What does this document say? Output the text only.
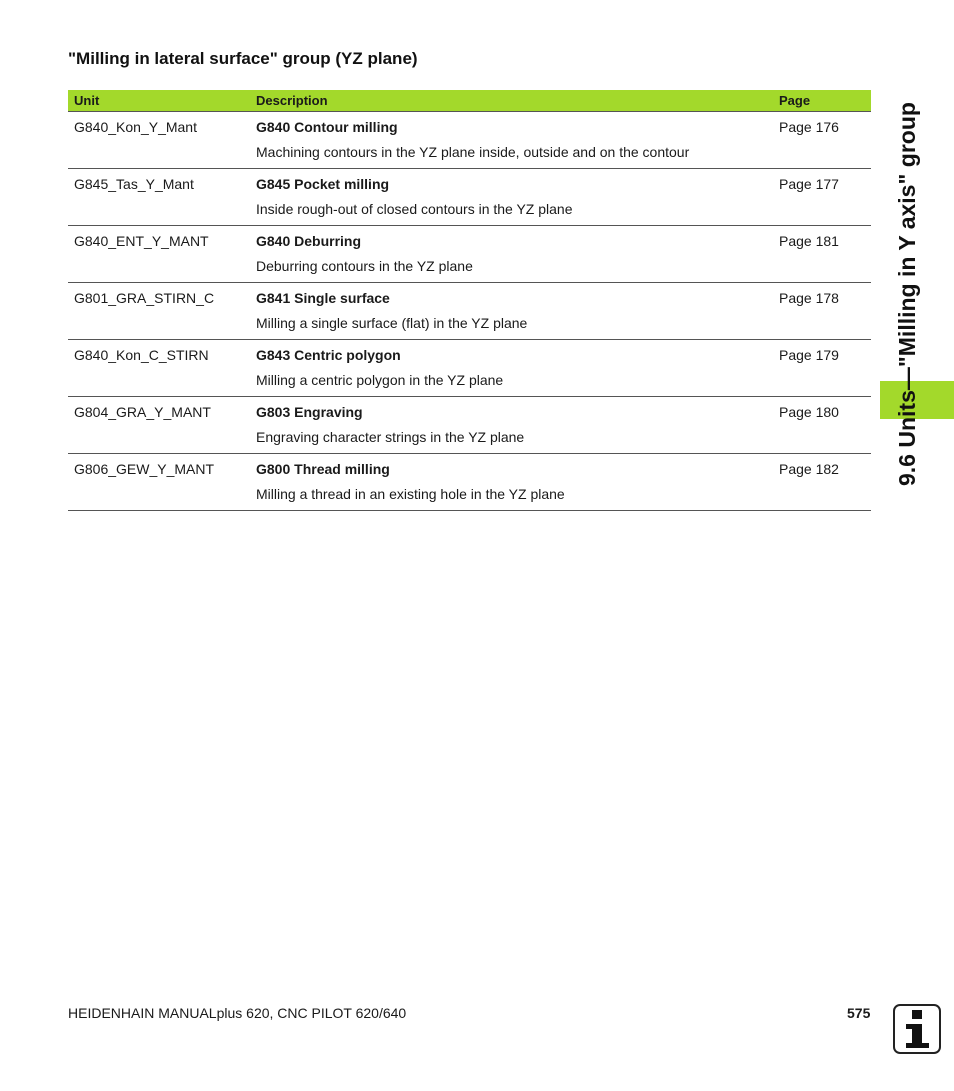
"Milling in lateral surface" group (YZ plane)
Unit	Description	Page
G840_Kon_Y_Mant	G840 Contour milling	Page 176
Machining contours in the YZ plane inside, outside and on the contour
G845_Tas_Y_Mant	G845 Pocket milling	Page 177
Inside rough-out of closed contours in the YZ plane
G840_ENT_Y_MANT	G840 Deburring	Page 181
Deburring contours in the YZ plane
G801_GRA_STIRN_C	G841 Single surface	Page 178
Milling a single surface (flat) in the YZ plane
G840_Kon_C_STIRN	G843 Centric polygon	Page 179
Milling a centric polygon in the YZ plane
G804_GRA_Y_MANT	G803 Engraving	Page 180
Engraving character strings in the YZ plane
G806_GEW_Y_MANT	G800 Thread milling	Page 182
Milling a thread in an existing hole in the YZ plane
9.6 Units—"Milling in Y axis" group
HEIDENHAIN MANUALplus 620, CNC PILOT 620/640	575
